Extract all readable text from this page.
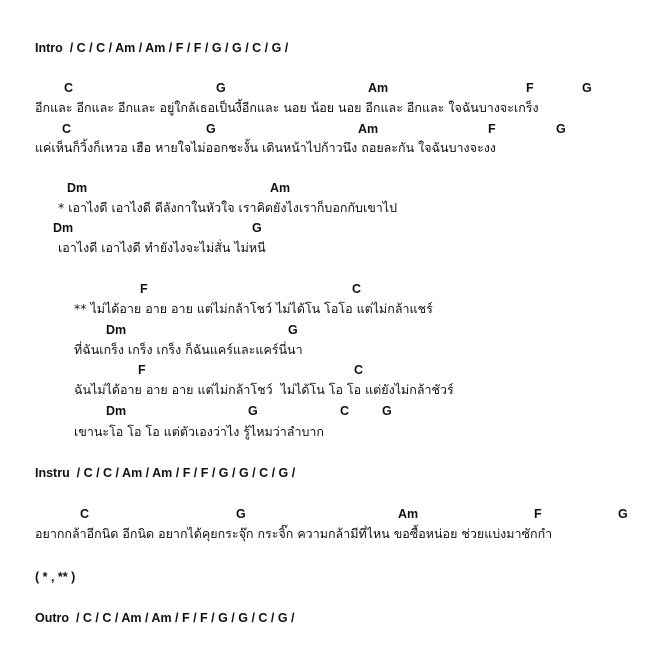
Intro  / C / C / Am / Am / F / F / G / G / C / G /
C	G	Am	F	G
อีกและ อีกและ อีกและ อยู่ใกล้เธอเป็นงี้อีกและ นอย น้อย นอย อีกและ อีกและ ใจฉันบางจะเกร็ง
C	G	Am	F	G
แค่เห็นก็วิ้งก็เหวอ เฮือ หายใจไม่ออกชะงั้น เดินหน้าไปก้าวนึง ถอยละกัน ใจฉันบางจะงง
Dm	Am
* เอาไงดี เอาไงดี ดีลังกาในหัวใจ เราคิดยังไงเราก็บอกกับเขาไป
Dm	G
เอาไงดี เอาไงดี ทำยังไงจะไม่สั่น ไม่หนี
F	C
** ไม่ได้อาย อาย อาย แต่ไม่กล้าโชว์ ไม่ได้โน โอโอ แต่ไม่กล้าแชร์
Dm	G
ที่ฉันเกร็ง เกร็ง เกร็ง ก็ฉันแคร์และแคร์นี่นา
F	C
ฉันไม่ได้อาย อาย อาย แต่ไม่กล้าโชว์  ไม่ได้โน โอ โอ แต่ยังไม่กล้าชัวร์
Dm	G	C	G
เขานะโอ โอ โอ แต่ตัวเองว่าไง รู้ไหมว่าลำบาก
Instru  / C / C / Am / Am / F / F / G / G / C / G /
C	G	Am	F	G
อยากกล้าอีกนิด อีกนิด อยากได้คุยกระจุ๊ก กระจิ๊ก ความกล้ามีที่ไหน ขอซื้อหน่อย ช่วยแบ่งมาซักกำ
( * , ** )
Outro  / C / C / Am / Am / F / F / G / G / C / G /
